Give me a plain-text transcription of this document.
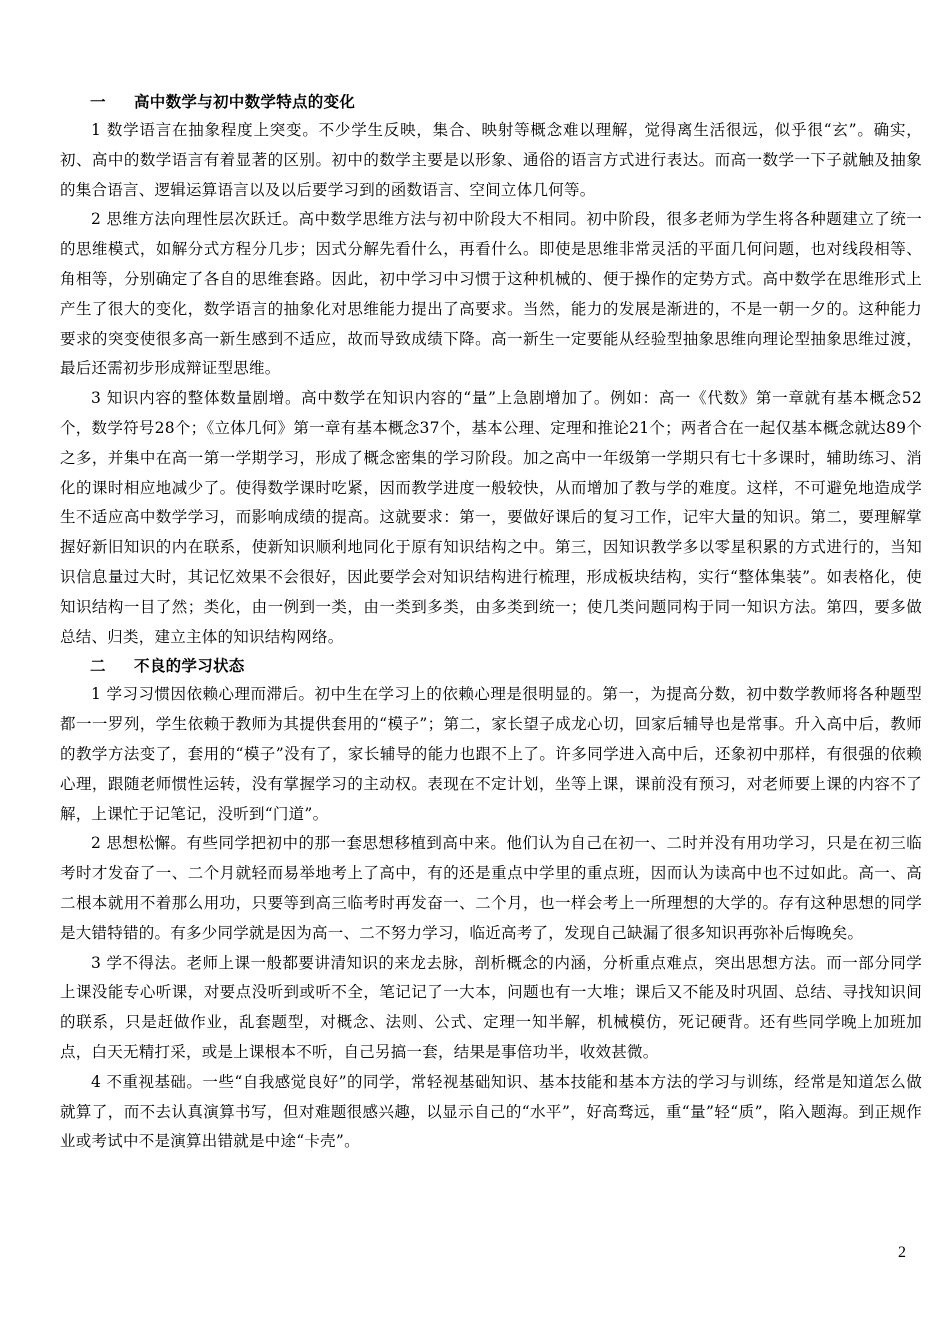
一 高中数学与初中数学特点的变化

1 数学语言在抽象程度上突变。不少学生反映，集合、映射等概念难以理解，觉得离生活很远，似乎很“玄”。确实，初、高中的数学语言有着显著的区别。初中的数学主要是以形象、通俗的语言方式进行表达。而高一数学一下子就触及抽象的集合语言、逻辑运算语言以及以后要学习到的函数语言、空间立体几何等。

2 思维方法向理性层次跃迁。高中数学思维方法与初中阶段大不相同。初中阶段，很多老师为学生将各种题建立了统一的思维模式，如解分式方程分几步；因式分解先看什么，再看什么。即使是思维非常灵活的平面几何问题，也对线段相等、角相等，分别确定了各自的思维套路。因此，初中学习中习惯于这种机械的、便于操作的定势方式。高中数学在思维形式上产生了很大的变化，数学语言的抽象化对思维能力提出了高要求。当然，能力的发展是渐进的，不是一朝一夕的。这种能力要求的突变使很多高一新生感到不适应，故而导致成绩下降。高一新生一定要能从经验型抽象思维向理论型抽象思维过渡，最后还需初步形成辩证型思维。

3 知识内容的整体数量剧增。高中数学在知识内容的“量”上急剧增加了。例如：高一《代数》第一章就有基本概念52个，数学符号28个；《立体几何》第一章有基本概念37个，基本公理、定理和推论21个；两者合在一起仅基本概念就达89个之多，并集中在高一第一学期学习，形成了概念密集的学习阶段。加之高中一年级第一学期只有七十多课时，辅助练习、消化的课时相应地减少了。使得数学课时吃紧，因而教学进度一般较快，从而增加了教与学的难度。这样，不可避免地造成学生不适应高中数学学习，而影响成绩的提高。这就要求：第一，要做好课后的复习工作，记牢大量的知识。第二，要理解掌握好新旧知识的内在联系，使新知识顺利地同化于原有知识结构之中。第三，因知识教学多以零星积累的方式进行的，当知识信息量过大时，其记忆效果不会很好，因此要学会对知识结构进行梳理，形成板块结构，实行“整体集装”。如表格化，使知识结构一目了然；类化，由一例到一类，由一类到多类，由多类到统一；使几类问题同构于同一知识方法。第四，要多做总结、归类，建立主体的知识结构网络。

二 不良的学习状态

1 学习习惯因依赖心理而滞后。初中生在学习上的依赖心理是很明显的。第一，为提高分数，初中数学教师将各种题型都一一罗列，学生依赖于教师为其提供套用的“模子”；第二，家长望子成龙心切，回家后辅导也是常事。升入高中后，教师的教学方法变了，套用的“模子”没有了，家长辅导的能力也跟不上了。许多同学进入高中后，还象初中那样，有很强的依赖心理，跟随老师惯性运转，没有掌握学习的主动权。表现在不定计划，坐等上课，课前没有预习，对老师要上课的内容不了解，上课忙于记笔记，没听到“门道”。

2 思想松懈。有些同学把初中的那一套思想移植到高中来。他们认为自己在初一、二时并没有用功学习，只是在初三临考时才发奋了一、二个月就轻而易举地考上了高中，有的还是重点中学里的重点班，因而认为读高中也不过如此。高一、高二根本就用不着那么用功，只要等到高三临考时再发奋一、二个月，也一样会考上一所理想的大学的。存有这种思想的同学是大错特错的。有多少同学就是因为高一、二不努力学习，临近高考了，发现自己缺漏了很多知识再弥补后悔晚矣。

3 学不得法。老师上课一般都要讲清知识的来龙去脉，剖析概念的内涵，分析重点难点，突出思想方法。而一部分同学上课没能专心听课，对要点没听到或听不全，笔记记了一大本，问题也有一大堆；课后又不能及时巩固、总结、寻找知识间的联系，只是赶做作业，乱套题型，对概念、法则、公式、定理一知半解，机械模仿，死记硬背。还有些同学晚上加班加点，白天无精打采，或是上课根本不听，自己另搞一套，结果是事倍功半，收效甚微。

4 不重视基础。一些“自我感觉良好”的同学，常轻视基础知识、基本技能和基本方法的学习与训练，经常是知道怎么做就算了，而不去认真演算书写，但对难题很感兴趣，以显示自己的“水平”，好高骛远，重“量”轻“质”，陷入题海。到正规作业或考试中不是演算出错就是中途“卡壳”。

2
